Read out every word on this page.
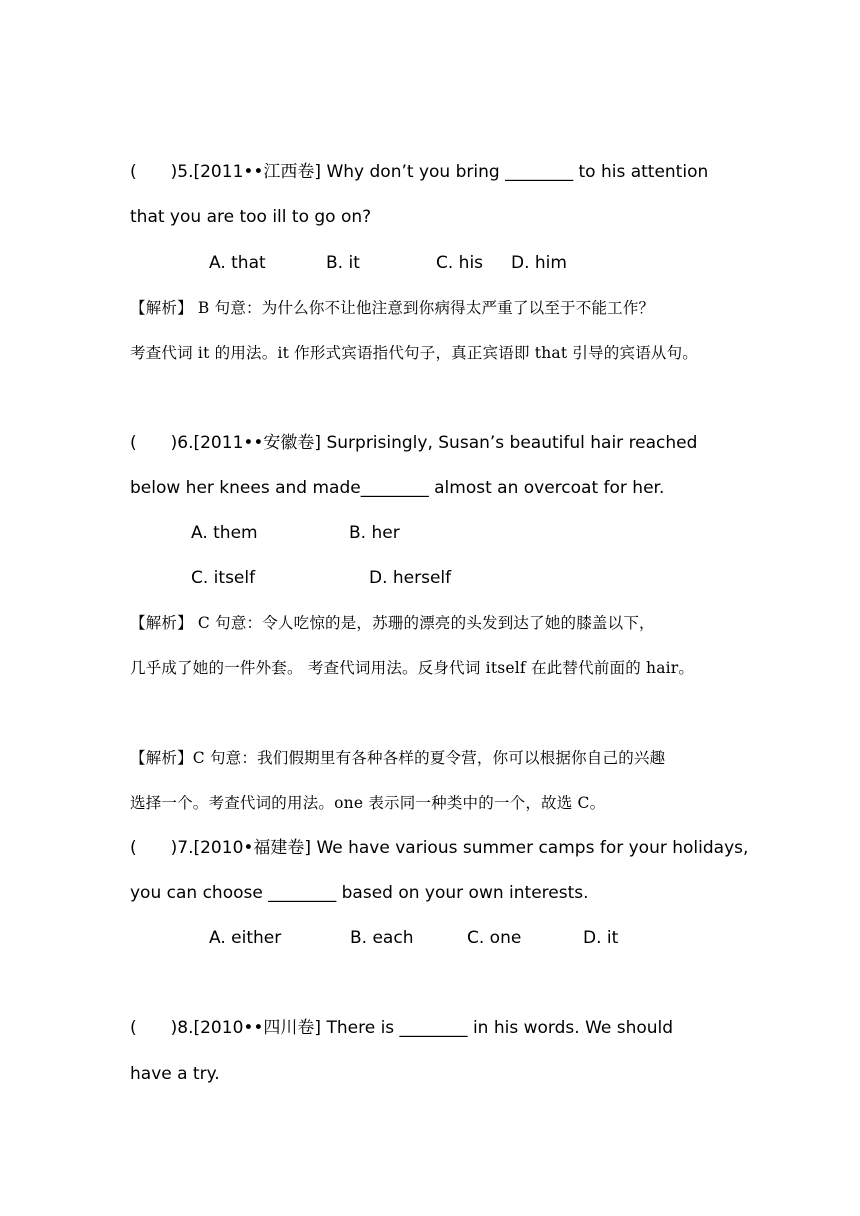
(　　)5.[2011••江西卷] Why don’t you bring ________ to his attention
that you are too ill to go on?
A. that	B. it	C. his D. him
【解析】 B 句意：为什么你不让他注意到你病得太严重了以至于不能工作？
考查代词 it 的用法。it 作形式宾语指代句子，真正宾语即 that 引导的宾语从句。
(　　)6.[2011••安徽卷] Surprisingly, Susan’s beautiful hair reached
below her knees and made________ almost an overcoat for her.
A. them	B. her
C. itself	D. herself
【解析】 C 句意：令人吃惊的是，苏珊的漂亮的头发到达了她的膝盖以下，
几乎成了她的一件外套。 考查代词用法。反身代词 itself 在此替代前面的 hair。
【解析】C 句意：我们假期里有各种各样的夏令营，你可以根据你自己的兴趣
选择一个。考查代词的用法。one 表示同一种类中的一个，故选 C。
(　　)7.[2010•福建卷] We have various summer camps for your holidays,
you can choose ________ based on your own interests.
A. either	B. each	C. one	D. it
(　　)8.[2010••四川卷] There is ________ in his words. We should
have a try.
